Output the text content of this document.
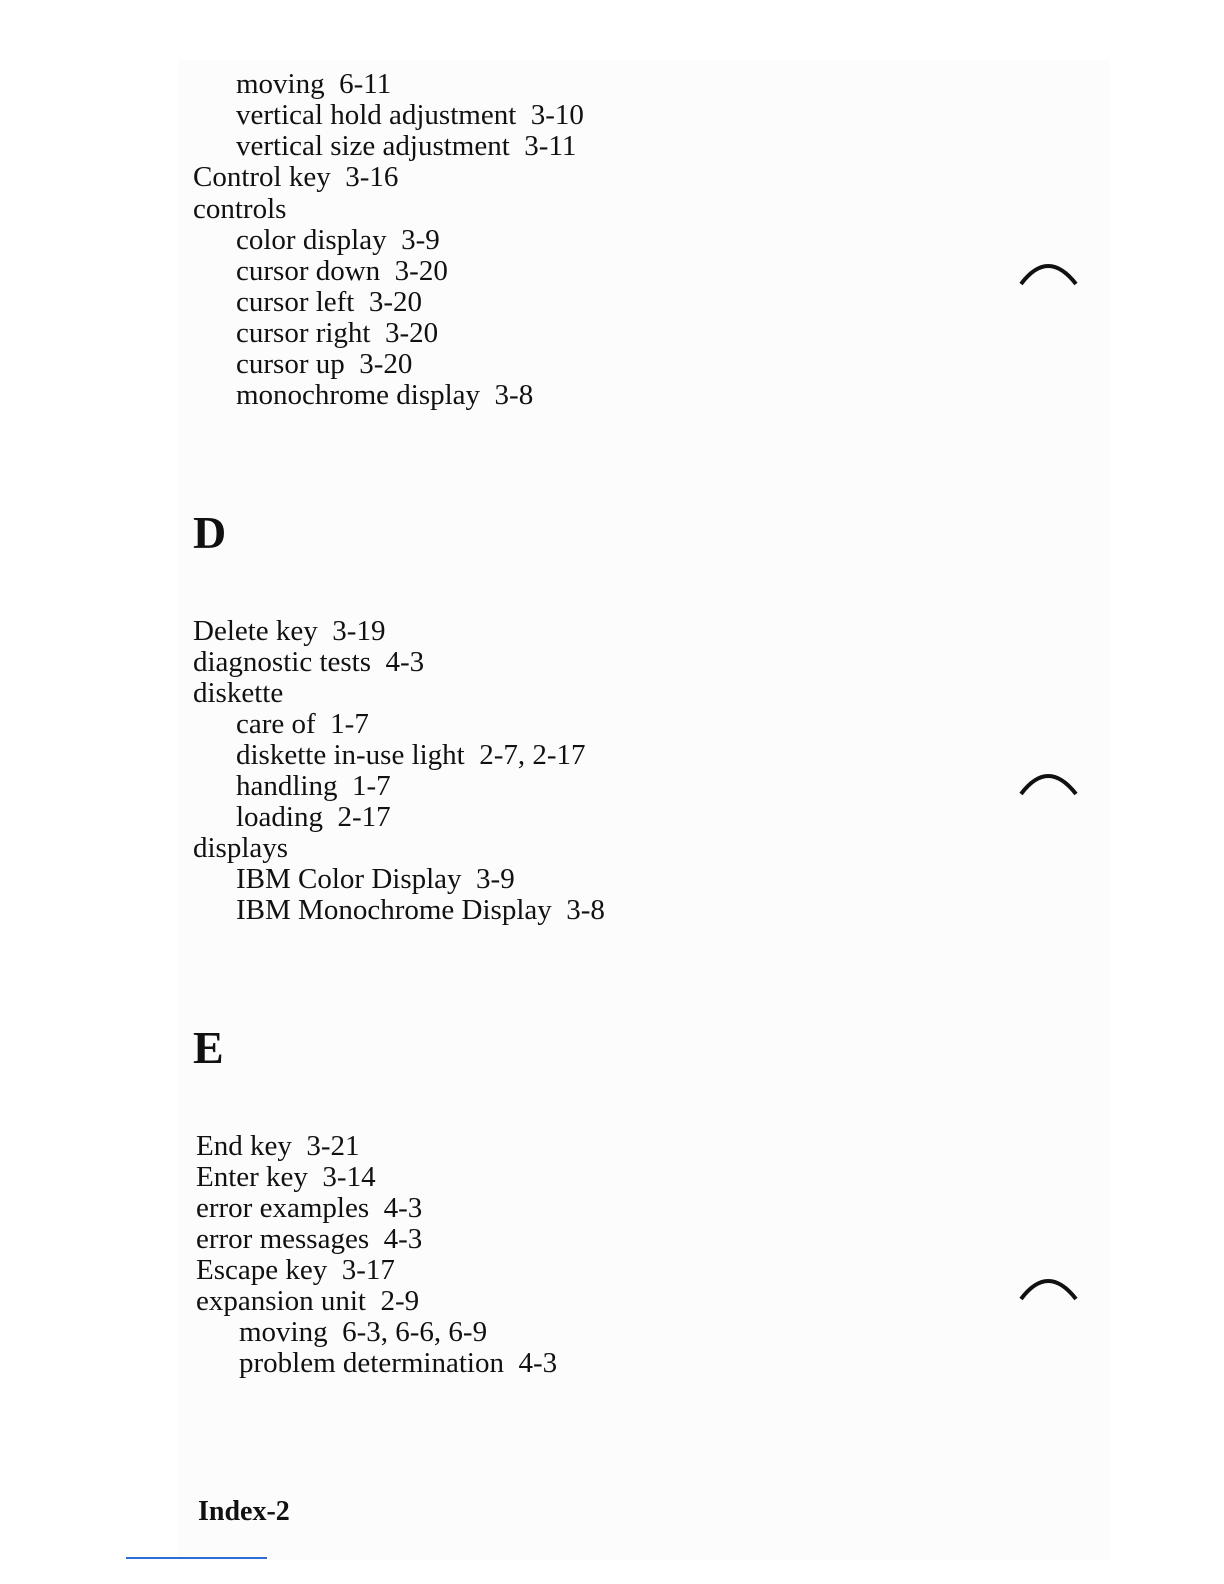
moving  6-11
vertical hold adjustment  3-10
vertical size adjustment  3-11
Control key  3-16
controls
color display  3-9
cursor down  3-20
cursor left  3-20
cursor right  3-20
cursor up  3-20
monochrome display  3-8
D
Delete key  3-19
diagnostic tests  4-3
diskette
care of  1-7
diskette in-use light  2-7, 2-17
handling  1-7
loading  2-17
displays
IBM Color Display  3-9
IBM Monochrome Display  3-8
E
End key  3-21
Enter key  3-14
error examples  4-3
error messages  4-3
Escape key  3-17
expansion unit  2-9
moving  6-3, 6-6, 6-9
problem determination  4-3
Index-2
